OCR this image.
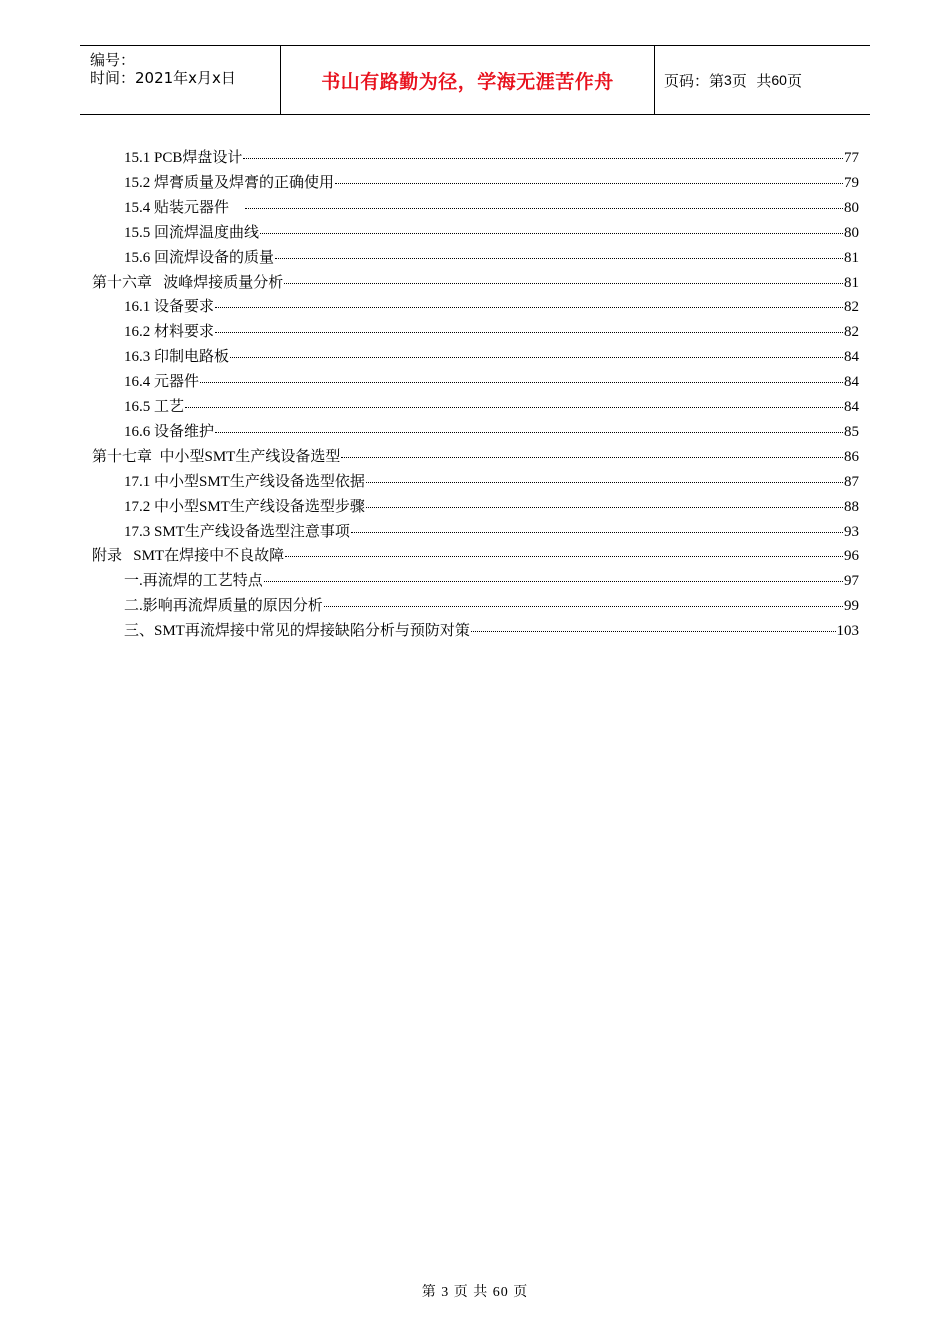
编号：
时间：2021年x月x日	书山有路勤为径，学海无涯苦作舟	页码：第 3 页  共 60 页
15.1 PCB焊盘设计	77
15.2 焊膏质量及焊膏的正确使用	79
15.4 贴装元器件	80
15.5 回流焊温度曲线	80
15.6 回流焊设备的质量	81
第十六章   波峰焊接质量分析	81
16.1 设备要求	82
16.2 材料要求	82
16.3 印制电路板	84
16.4 元器件	84
16.5 工艺	84
16.6 设备维护	85
第十七章  中小型SMT生产线设备选型	86
17.1 中小型SMT生产线设备选型依据	87
17.2 中小型SMT生产线设备选型步骤	88
17.3 SMT生产线设备选型注意事项	93
附录   SMT在焊接中不良故障	96
一.再流焊的工艺特点	97
二.影响再流焊质量的原因分析	99
三、SMT再流焊接中常见的焊接缺陷分析与预防对策	103
第 3 页 共 60 页
